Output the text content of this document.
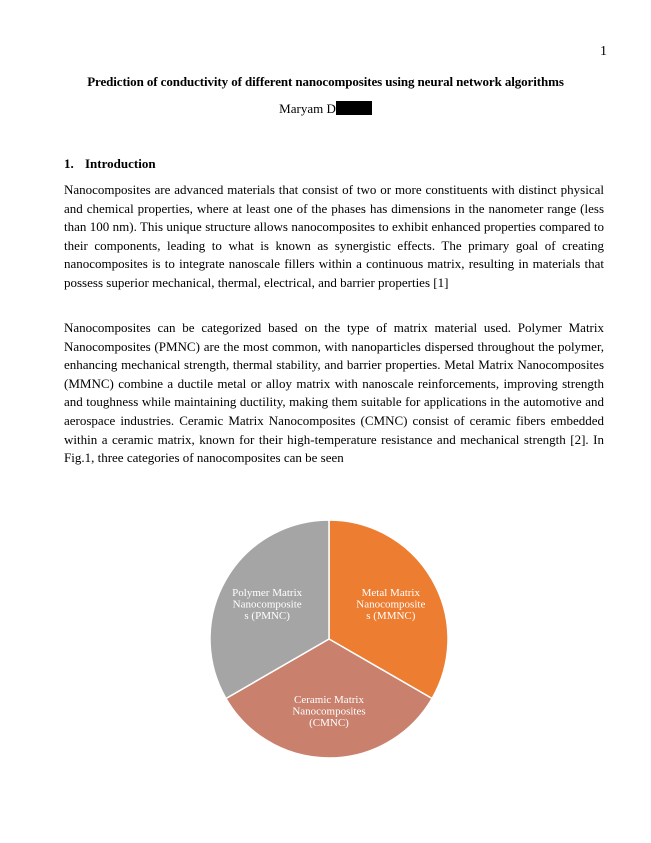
1
Prediction of conductivity of different nanocomposites using neural network algorithms
Maryam D
1. Introduction

Nanocomposites are advanced materials that consist of two or more constituents with distinct physical and chemical properties, where at least one of the phases has dimensions in the nanometer range (less than 100 nm). This unique structure allows nanocomposites to exhibit enhanced properties compared to their components, leading to what is known as synergistic effects. The primary goal of creating nanocomposites is to integrate nanoscale fillers within a continuous matrix, resulting in materials that possess superior mechanical, thermal, electrical, and barrier properties [1]

Nanocomposites can be categorized based on the type of matrix material used. Polymer Matrix Nanocomposites (PMNC) are the most common, with nanoparticles dispersed throughout the polymer, enhancing mechanical strength, thermal stability, and barrier properties. Metal Matrix Nanocomposites (MMNC) combine a ductile metal or alloy matrix with nanoscale reinforcements, improving strength and toughness while maintaining ductility, making them suitable for applications in the automotive and aerospace industries. Ceramic Matrix Nanocomposites (CMNC) consist of ceramic fibers embedded within a ceramic matrix, known for their high-temperature resistance and mechanical strength [2]. In Fig.1, three categories of nanocomposites can be seen

Metal Matrix Nanocomposite s (MMNC)
Ceramic Matrix Nanocomposites (CMNC)
Polymer Matrix Nanocomposite s (PMNC)
